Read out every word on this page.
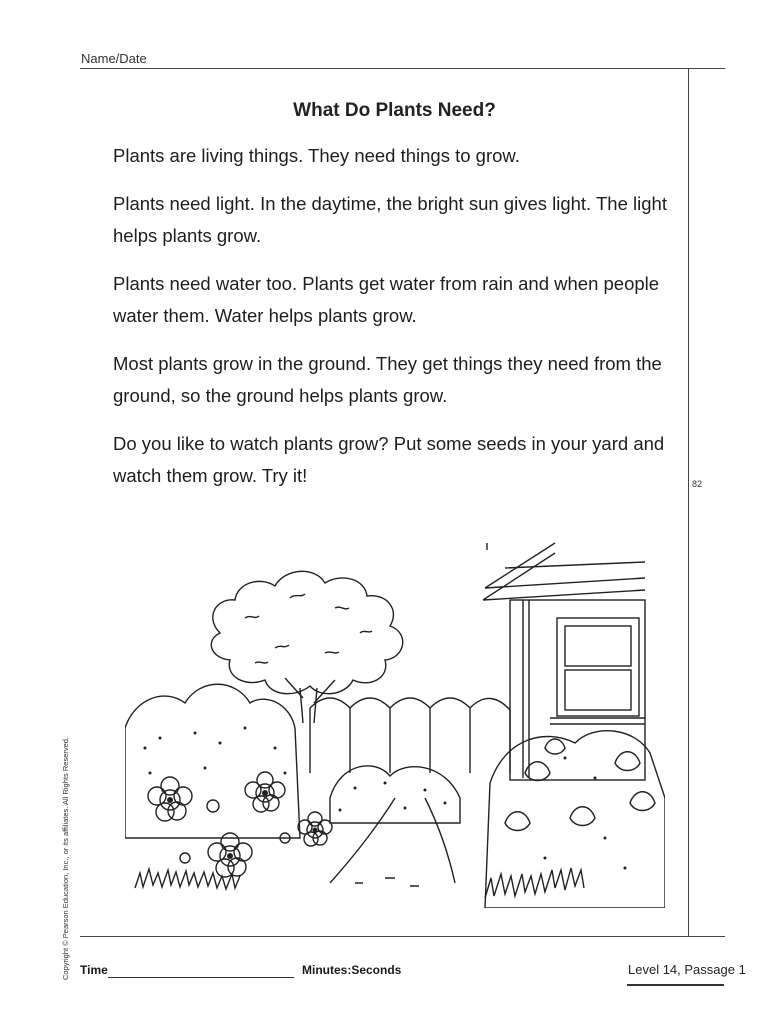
Name/Date
What Do Plants Need?

Plants are living things. They need things to grow.

Plants need light. In the daytime, the bright sun gives light. The light helps plants grow.

Plants need water too. Plants get water from rain and when people water them. Water helps plants grow.

Most plants grow in the ground. They get things they need from the ground, so the ground helps plants grow.

Do you like to watch plants grow? Put some seeds in your yard and watch them grow. Try it!	82
Copyright © Pearson Education, Inc., or its affiliates. All Rights Reserved. Time	Minutes:Seconds	Level 14, Passage 1
